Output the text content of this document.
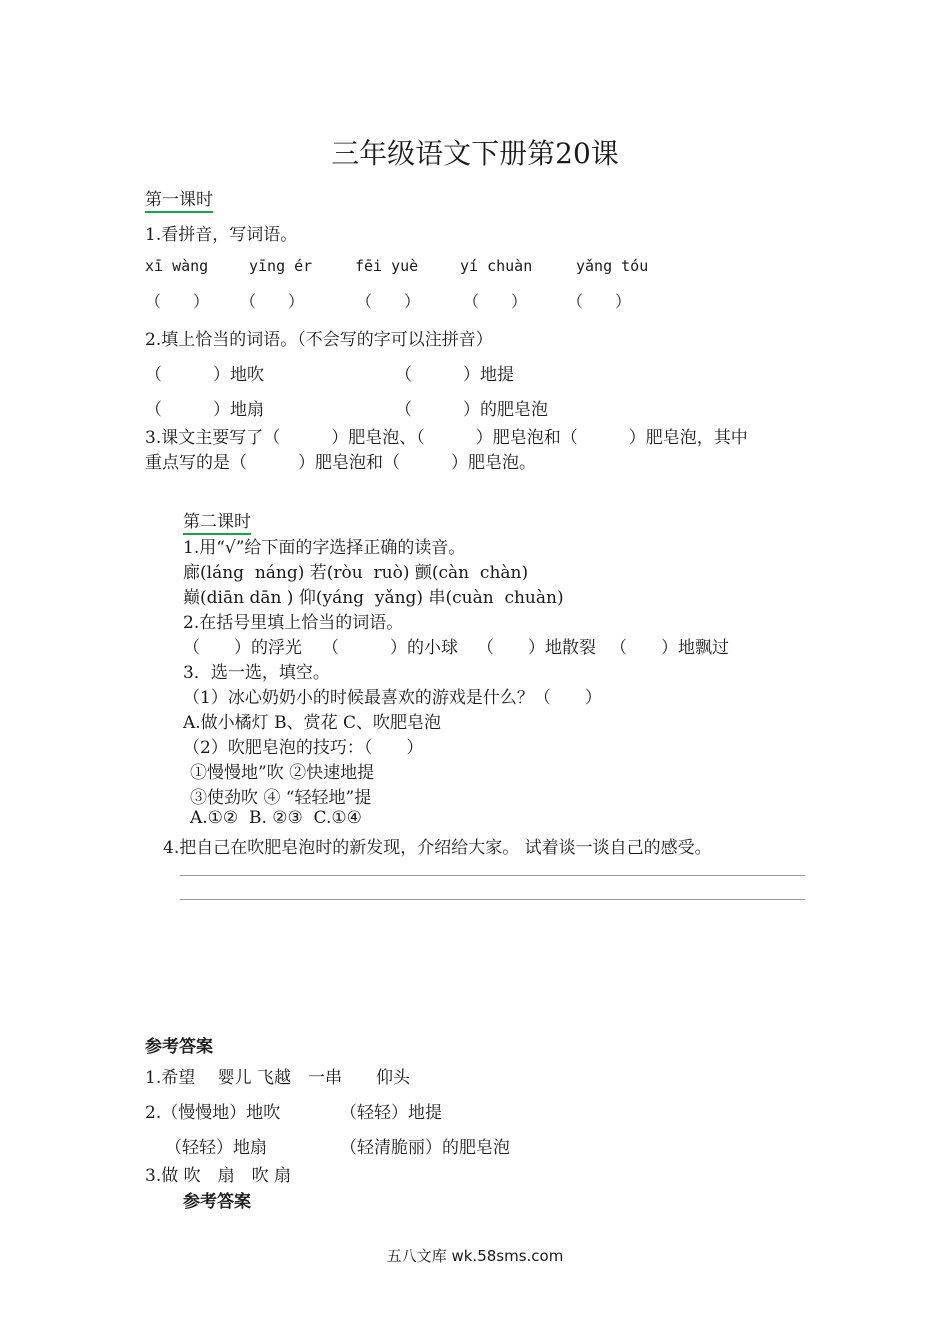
三年级语文下册第20课
第一课时
1.看拼音，写词语。
xī wàng	yīng ér	fēi yuè	yí chuàn	yǎng tóu
（　　） （　　）	（　　）	（　　） （　　）
2.填上恰当的词语。（不会写的字可以注拼音）
（　　　）地吹	（　　　）地提
（　　　）地扇	（　　　）的肥皂泡
3.课文主要写了（　　　）肥皂泡、（　　　）肥皂泡和（　　　）肥皂泡，其中
重点写的是（　　　）肥皂泡和（　　　）肥皂泡。
第二课时
1.用“√”给下面的字选择正确的读音。
廊(láng  náng) 若(ròu  ruò) 颤(càn  chàn)
巅(diān dān ) 仰(yáng  yǎng) 串(cuàn  chuàn)
2.在括号里填上恰当的词语。
（　　）的浮光 （　　　）的小球 （　　）地散裂 （　　）地飘过
3．选一选，填空。
（1）冰心奶奶小的时候最喜欢的游戏是什么？（　　）
A.做小橘灯 B、赏花 C、吹肥皂泡
（2）吹肥皂泡的技巧：（　　）
①慢慢地”吹 ②快速地提
③使劲吹 ④ “轻轻地”提
A.①②  B. ②③  C.①④
4.把自己在吹肥皂泡时的新发现，介绍给大家。 试着谈一谈自己的感受。
参考答案
1.希望　 婴儿 飞越　一串　　仰头
2.（慢慢地）地吹	（轻轻）地提
（轻轻）地扇	（轻清脆丽）的肥皂泡
3.做 吹　扇　吹 扇
参考答案
五八文库 wk.58sms.com
